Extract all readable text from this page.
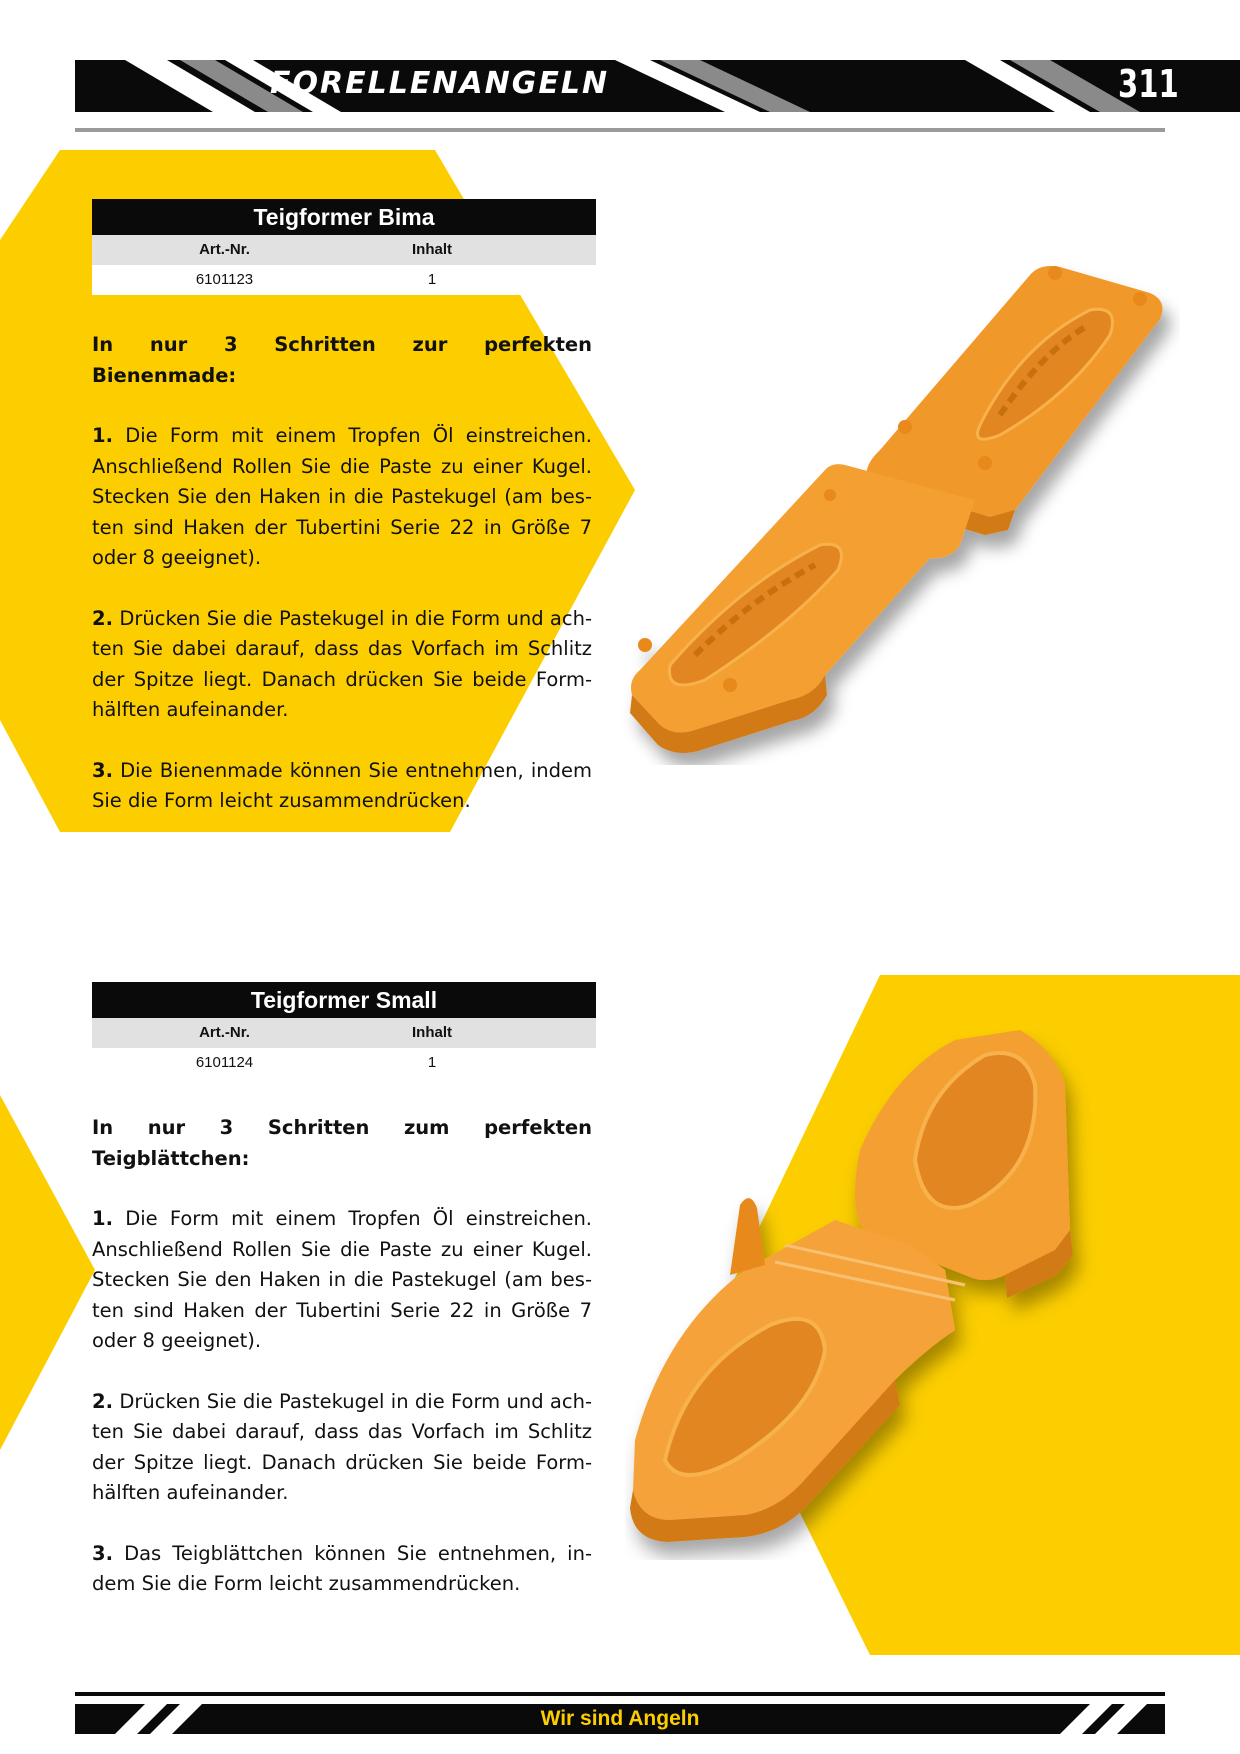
FORELLENANGELN	311
Teigformer Bima
Art.-Nr.	Inhalt
6101123	1

In nur 3 Schritten zur perfekten Bienenmade:

1. Die Form mit einem Tropfen Öl einstreichen. Anschließend Rollen Sie die Paste zu einer Kugel. Stecken Sie den Haken in die Pastekugel (am besten sind Haken der Tubertini Serie 22 in Größe 7 oder 8 geeignet).

2. Drücken Sie die Pastekugel in die Form und achten Sie dabei darauf, dass das Vorfach im Schlitz der Spitze liegt. Danach drücken Sie beide Formhälften aufeinander.

3. Die Bienenmade können Sie entnehmen, indem Sie die Form leicht zusammendrücken.

Teigformer Small
Art.-Nr.	Inhalt
6101124	1

In nur 3 Schritten zum perfekten Teigblättchen:

1. Die Form mit einem Tropfen Öl einstreichen. Anschließend Rollen Sie die Paste zu einer Kugel. Stecken Sie den Haken in die Pastekugel (am besten sind Haken der Tubertini Serie 22 in Größe 7 oder 8 geeignet).

2. Drücken Sie die Pastekugel in die Form und achten Sie dabei darauf, dass das Vorfach im Schlitz der Spitze liegt. Danach drücken Sie beide Formhälften aufeinander.

3. Das Teigblättchen können Sie entnehmen, indem Sie die Form leicht zusammendrücken.

Wir sind Angeln
